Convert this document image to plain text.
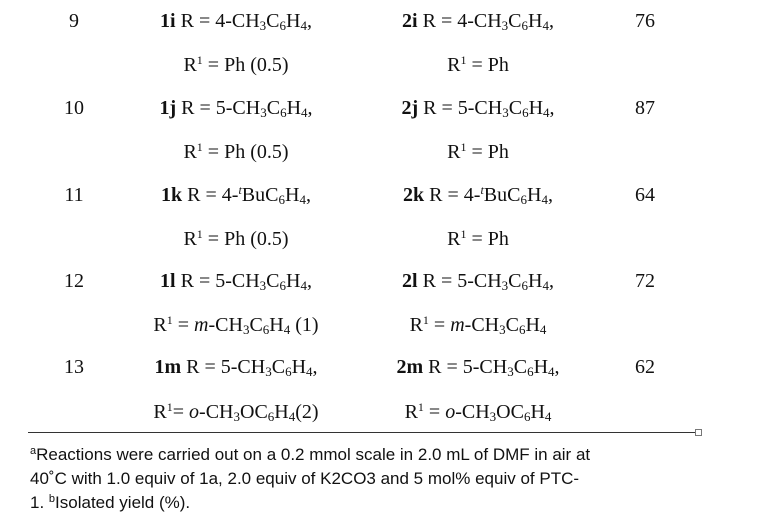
9	1i $R = 4-CH_3C_6H_4$,	2i $R = 4-CH_3C_6H_4$,	76
$R^1 = Ph$ (0.5)	$R^1 = Ph$
10	1j $R = 5-CH_3C_6H_4$,	2j $R = 5-CH_3C_6H_4$,	87
$R^1 = Ph$ (0.5)	$R^1 = Ph$
11	1k $R = 4-^tBuC_6H_4$,	2k $R = 4-^tBuC_6H_4$,	64
$R^1 = Ph$ (0.5)	$R^1 = Ph$
12	1l $R = 5-CH_3C_6H_4$,	2l $R = 5-CH_3C_6H_4$,	72
$R^1 = m-CH_3C_6H_4$ (1)	$R^1 = m-CH_3C_6H_4$
13	1m $R = 5-CH_3C_6H_4$,	2m $R = 5-CH_3C_6H_4$,	62
$R^1= o-CH_3OC_6H_4(2)$	$R^1 = o-CH_3OC_6H_4$
$^a$Reactions were carried out on a 0.2 mmol scale in 2.0 mL of DMF in air at
40˚C with 1.0 equiv of 1a, 2.0 equiv of K2CO3 and 5 mol% equiv of PTC-
1. $^b$Isolated yield (%).
